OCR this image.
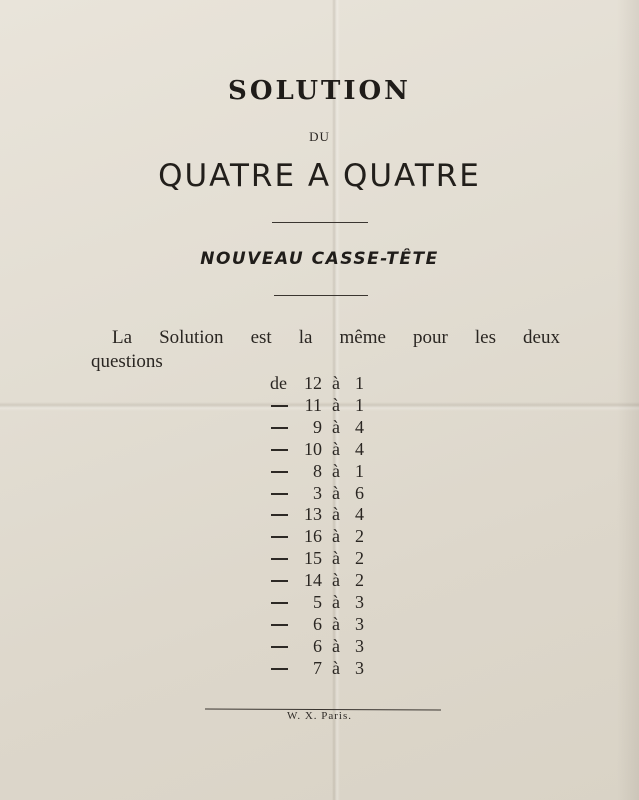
SOLUTION
DU
QUATRE A QUATRE
NOUVEAU CASSE-TÊTE
La Solution est la même pour les deux
questions
de 12 à 1
11 à 1
9 à 4
10 à 4
8 à 1
3 à 6
13 à 4
16 à 2
15 à 2
14 à 2
5 à 3
6 à 3
6 à 3
7 à 3
W. X. Paris.
